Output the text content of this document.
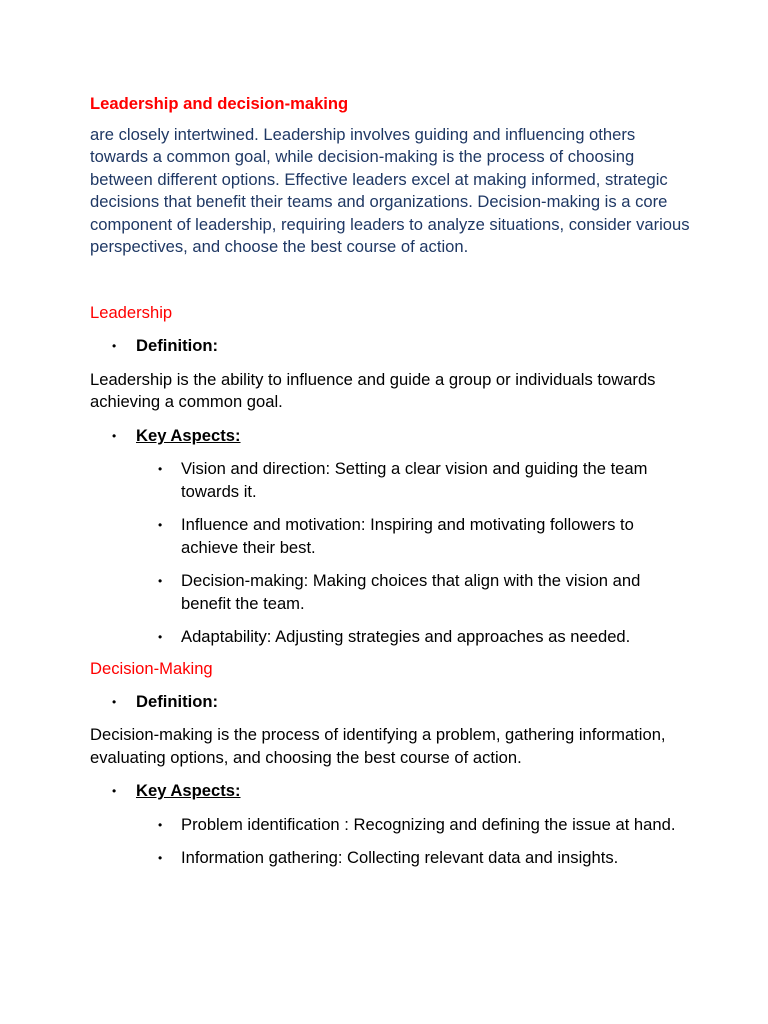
Leadership and decision-making

are closely intertwined. Leadership involves guiding and influencing others towards a common goal, while decision-making is the process of choosing between different options. Effective leaders excel at making informed, strategic decisions that benefit their teams and organizations. Decision-making is a core component of leadership, requiring leaders to analyze situations, consider various perspectives, and choose the best course of action.

Leadership

• Definition:

Leadership is the ability to influence and guide a group or individuals towards achieving a common goal.

• Key Aspects:
• Vision and direction: Setting a clear vision and guiding the team towards it.
• Influence and motivation: Inspiring and motivating followers to achieve their best.
• Decision-making: Making choices that align with the vision and benefit the team.
• Adaptability: Adjusting strategies and approaches as needed.

Decision-Making

• Definition:

Decision-making is the process of identifying a problem, gathering information, evaluating options, and choosing the best course of action.

• Key Aspects:
• Problem identification : Recognizing and defining the issue at hand.
• Information gathering: Collecting relevant data and insights.
